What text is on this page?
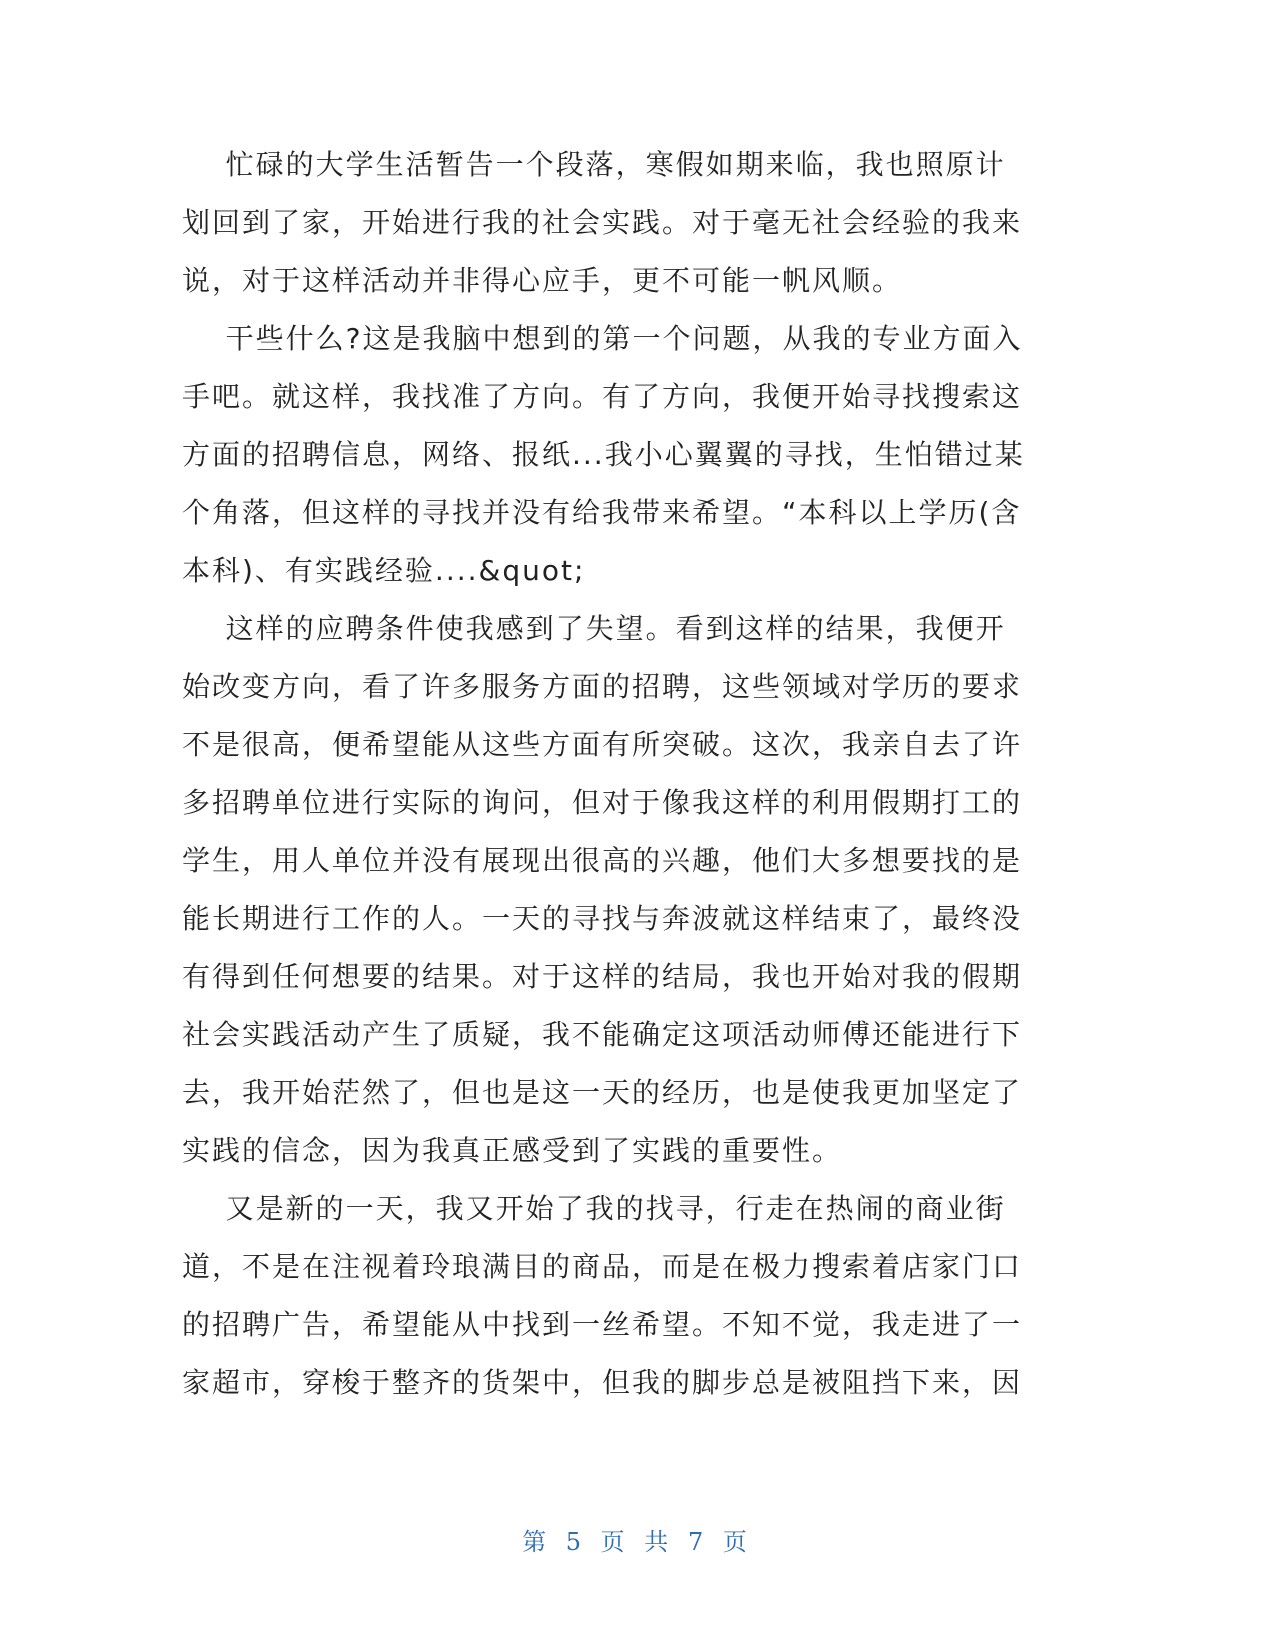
忙碌的大学生活暂告一个段落，寒假如期来临，我也照原计
划回到了家，开始进行我的社会实践。对于毫无社会经验的我来
说，对于这样活动并非得心应手，更不可能一帆风顺。
干些什么?这是我脑中想到的第一个问题，从我的专业方面入
手吧。就这样，我找准了方向。有了方向，我便开始寻找搜索这
方面的招聘信息，网络、报纸...我小心翼翼的寻找，生怕错过某
个角落，但这样的寻找并没有给我带来希望。“本科以上学历(含
本科)、有实践经验....&quot;
这样的应聘条件使我感到了失望。看到这样的结果，我便开
始改变方向，看了许多服务方面的招聘，这些领域对学历的要求
不是很高，便希望能从这些方面有所突破。这次，我亲自去了许
多招聘单位进行实际的询问，但对于像我这样的利用假期打工的
学生，用人单位并没有展现出很高的兴趣，他们大多想要找的是
能长期进行工作的人。一天的寻找与奔波就这样结束了，最终没
有得到任何想要的结果。对于这样的结局，我也开始对我的假期
社会实践活动产生了质疑，我不能确定这项活动师傅还能进行下
去，我开始茫然了，但也是这一天的经历，也是使我更加坚定了
实践的信念，因为我真正感受到了实践的重要性。
又是新的一天，我又开始了我的找寻，行走在热闹的商业街
道，不是在注视着玲琅满目的商品，而是在极力搜索着店家门口
的招聘广告，希望能从中找到一丝希望。不知不觉，我走进了一
家超市，穿梭于整齐的货架中，但我的脚步总是被阻挡下来，因
第 5 页 共 7 页
